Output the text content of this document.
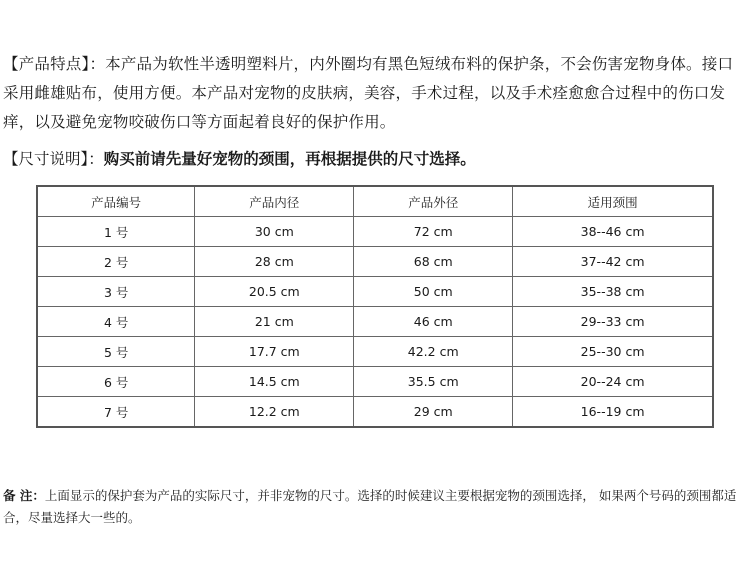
【产品特点】：本产品为软性半透明塑料片，内外圈均有黑色短绒布料的保护条，不会伤害宠物身体。接口采用雌雄贴布，使用方便。本产品对宠物的皮肤病，美容，手术过程，以及手术痊愈愈合过程中的伤口发痒，以及避免宠物咬破伤口等方面起着良好的保护作用。
【尺寸说明】：购买前请先量好宠物的颈围，再根据提供的尺寸选择。
产品编号	产品内径	产品外径	适用颈围
1 号	30 cm	72 cm	38--46 cm
2 号	28 cm	68 cm	37--42 cm
3 号	20.5 cm	50 cm	35--38 cm
4 号	21 cm	46 cm	29--33 cm
5 号	17.7 cm	42.2 cm	25--30 cm
6 号	14.5 cm	35.5 cm	20--24 cm
7 号	12.2 cm	29 cm	16--19 cm
备 注：上面显示的保护套为产品的实际尺寸，并非宠物的尺寸。选择的时候建议主要根据宠物的颈围选择， 如果两个号码的颈围都适合，尽量选择大一些的。
